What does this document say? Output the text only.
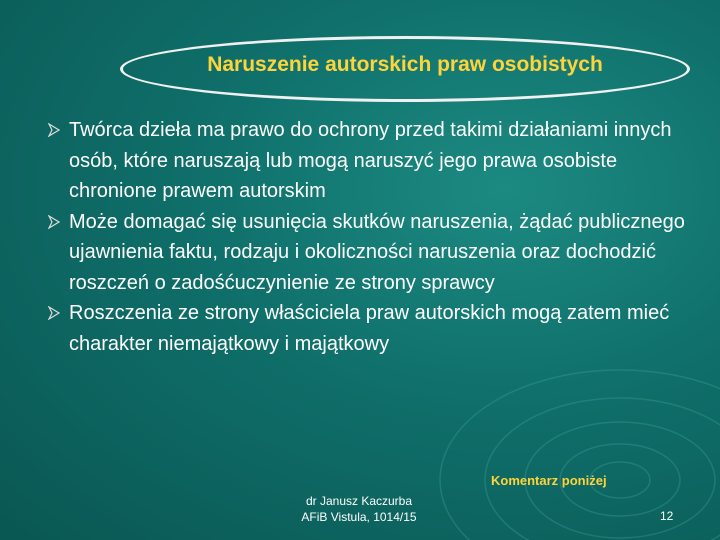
Naruszenie autorskich praw osobistych
Twórca dzieła ma prawo do ochrony przed takimi działaniami innych osób, które naruszają lub mogą naruszyć jego prawa osobiste chronione prawem autorskim
Może domagać się usunięcia skutków naruszenia, żądać publicznego ujawnienia faktu, rodzaju i okoliczności naruszenia oraz dochodzić roszczeń o zadośćuczynienie ze strony sprawcy
Roszczenia ze strony właściciela praw autorskich mogą zatem mieć charakter niemajątkowy i majątkowy
Komentarz poniżej
dr Janusz Kaczurba
AFiB Vistula, 1014/15	12
